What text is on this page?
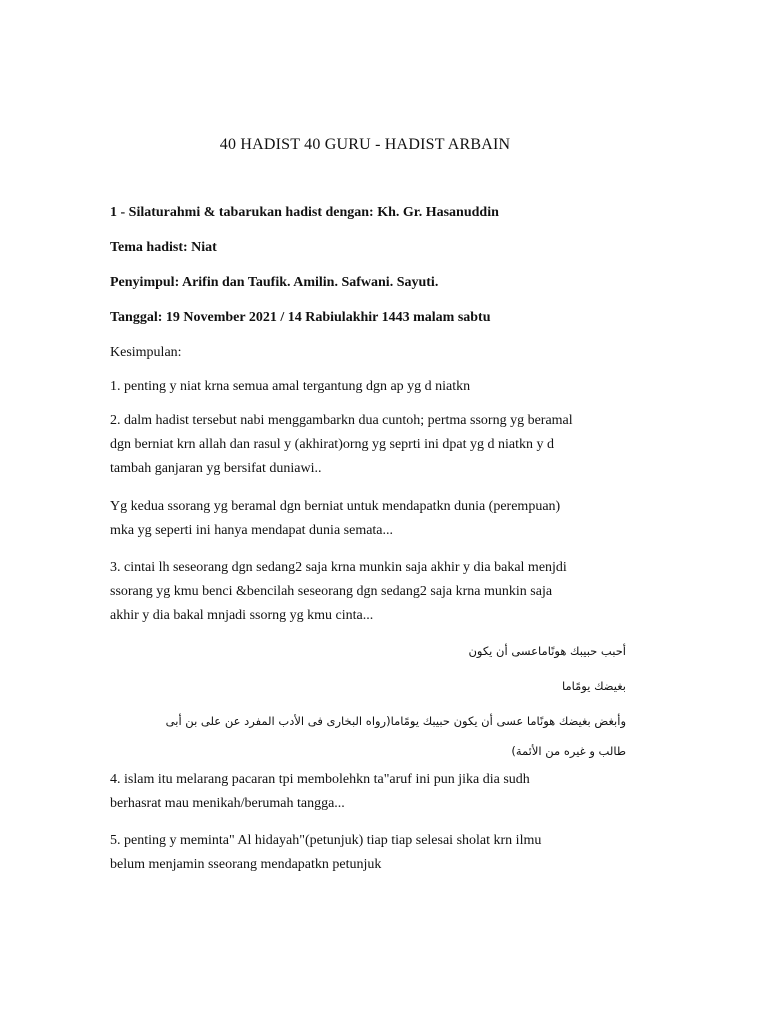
40 HADIST 40 GURU - HADIST ARBAIN

1 - Silaturahmi & tabarukan hadist dengan: Kh. Gr. Hasanuddin

Tema hadist: Niat

Penyimpul: Arifin dan Taufik. Amilin. Safwani. Sayuti.

Tanggal: 19 November 2021 / 14 Rabiulakhir 1443 malam sabtu

Kesimpulan:

1. penting y niat krna semua amal tergantung dgn ap yg d niatkn

2. dalm hadist tersebut nabi menggambarkn dua cuntoh; pertma ssorng yg beramal
dgn berniat krn allah dan rasul y (akhirat)orng yg seprti ini dpat yg d niatkn y d
tambah ganjaran yg bersifat duniawi..

Yg kedua ssorang yg beramal dgn berniat untuk mendapatkn dunia (perempuan)
mka yg seperti ini hanya mendapat dunia semata...

3. cintai lh seseorang dgn sedang2 saja krna munkin saja akhir y dia bakal menjdi
ssorang yg kmu benci &bencilah seseorang dgn sedang2 saja krna munkin saja
akhir y dia bakal mnjadi ssorng yg kmu cinta...

أحبب حبيبك هونًاماعسى أن يكون

بغيضك يومًاما

وأبغض بغيضك هونًاما عسى أن يكون حبيبك يومًاما(رواه البخارى فى الأدب المفرد عن على بن أبى
طالب و غيره من الأئمة)

4. islam itu melarang pacaran tpi membolehkn ta"aruf ini pun jika dia sudh
berhasrat mau menikah/berumah tangga...

5. penting y meminta" Al hidayah"(petunjuk) tiap tiap selesai sholat krn ilmu
belum menjamin sseorang mendapatkn petunjuk
